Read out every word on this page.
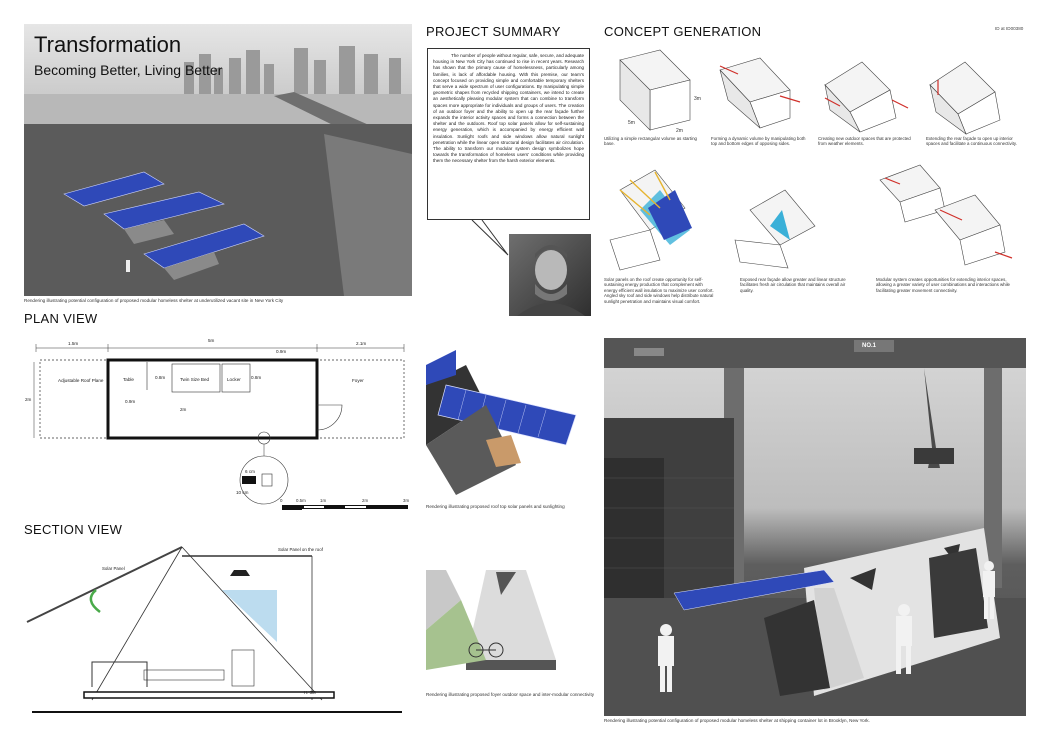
Transformation
Becoming Better, Living Better
Rendering illustrating potential configuration of proposed modular homeless shelter at underutilized vacant site in New York City
PROJECT SUMMARY
The number of people without regular, safe, secure, and adequate housing in New York City has continued to rise in recent years. Research has shown that the primary cause of homelessness, particularly among families, is lack of affordable housing. With this premise, our team's concept focused on providing simple and comfortable temporary shelters that serve a wide spectrum of user configurations. By manipulating simple geometric shapes from recycled shipping containers, we intend to create an aesthetically pleasing modular system that can combine to transform spaces more appropriate for individuals and groups of users. The creation of an outdoor foyer and the ability to open up the rear façade further expands the interior activity spaces and forms a connection between the shelter and the outdoors. Roof top solar panels allow for self-sustaining energy generation, which is accompanied by energy efficient wall insulation. Sunlight roofs and side windows allow natural sunlight penetration while the linear open structural design facilitates air circulation. The ability to transform our modular system design symbolizes hope towards the transformation of homeless users' conditions while providing them the necessary shelter from the harsh exterior elements.
CONCEPT GENERATION	ID at ID00380
3m
5m
2m
Utilizing a simple rectangular volume as starting base.
Forming a dynamic volume by manipulating both top and bottom edges of opposing sides.
Creating new outdoor spaces that are protected from weather elements.
Extending the rear façade to open up interior spaces and facilitate a continuous connectivity.
Solar panels on the roof create opportunity for self-sustaining energy production that complement with energy efficient wall insulation to maximize user comfort. Angled sky roof and side windows help distribute natural sunlight penetration and maintains visual comfort.
Exposed rear façade allow greater and linear structure facilitates fresh air circulation that maintains overall air quality.
Modular system creates opportunities for extending interior spaces, allowing a greater variety of user combinations and interactions while facilitating greater movement connectivity.
PLAN VIEW
1.5m
5m
2.1m
0.9m
0.8m	0.8m
0.9m
2m
2m
Adjustable Roof Plane	Table	Twin Size Bed	Locker	Foyer
6 cm
10 cm
0	0.5m	1m	2m	3m
SECTION VIEW
Solar Panel on the roof
Solar Panel
H: 3M
Rendering illustrating proposed roof top solar panels and sunlighting
Rendering illustrating proposed foyer outdoor space and inter-modular connectivity
NO.1
Rendering illustrating potential configuration of proposed modular homeless shelter at shipping container lot in Brooklyn, New York.
